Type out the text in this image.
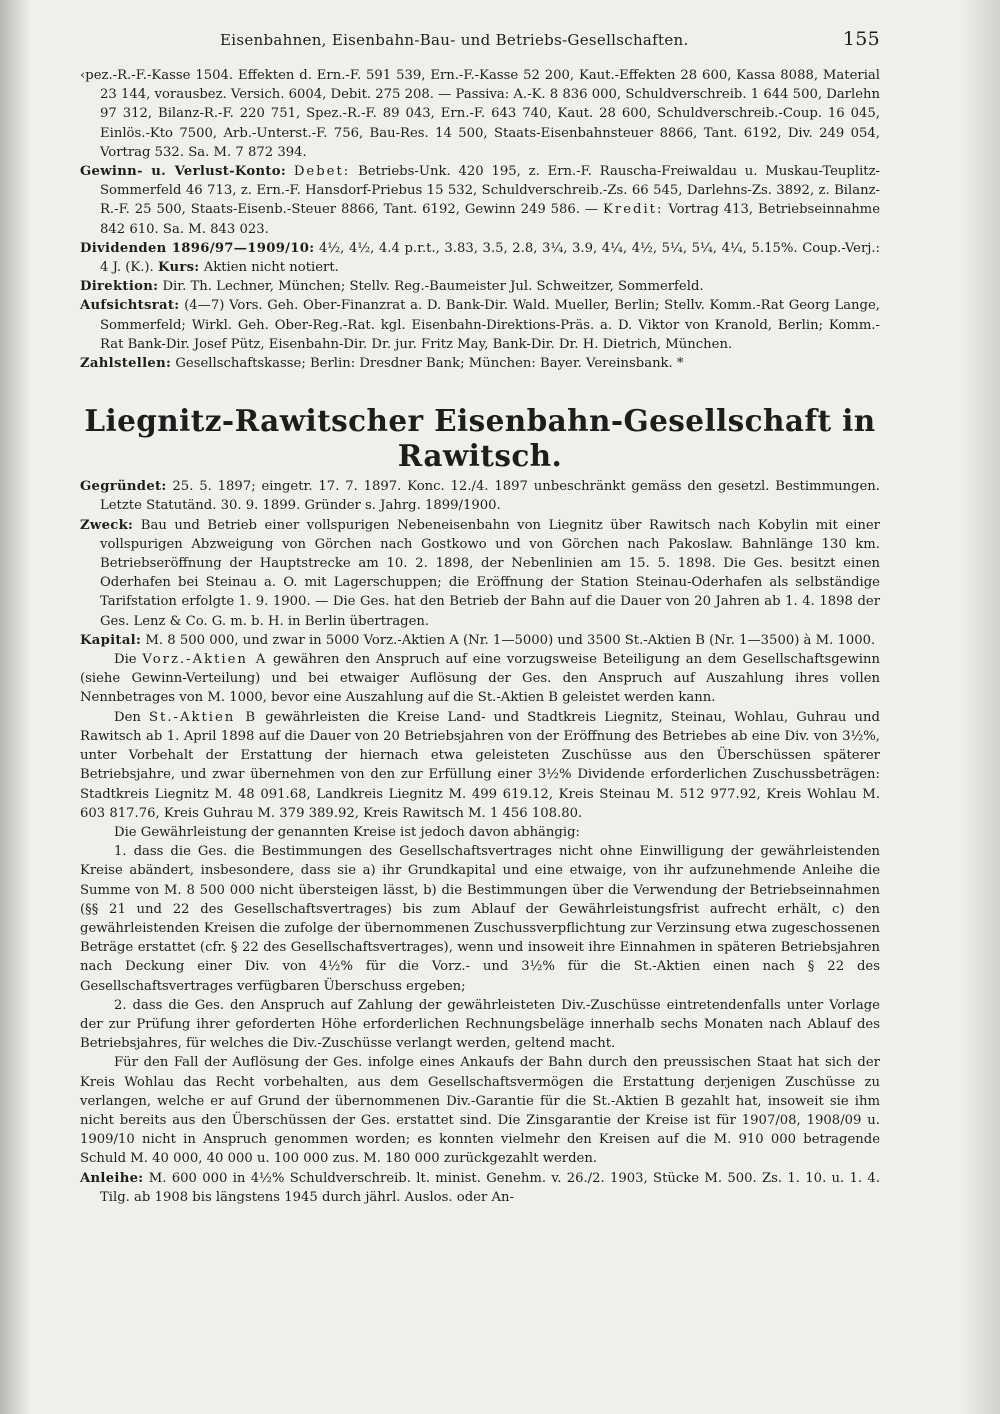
Eisenbahnen, Eisenbahn-Bau- und Betriebs-Gesellschaften.	155

‹pez.-R.-F.-Kasse 1504. Effekten d. Ern.-F. 591 539, Ern.-F.-Kasse 52 200, Kaut.-Effekten 28 600, Kassa 8088, Material 23 144, vorausbez. Versich. 6004, Debit. 275 208. — Passiva: A.-K. 8 836 000, Schuldverschreib. 1 644 500, Darlehn 97 312, Bilanz-R.-F. 220 751, Spez.-R.-F. 89 043, Ern.-F. 643 740, Kaut. 28 600, Schuldverschreib.-Coup. 16 045, Einlös.-Kto 7500, Arb.-Unterst.-F. 756, Bau-Res. 14 500, Staats-Eisenbahnsteuer 8866, Tant. 6192, Div. 249 054, Vortrag 532. Sa. M. 7 872 394.

Gewinn- u. Verlust-Konto: Debet: Betriebs-Unk. 420 195, z. Ern.-F. Rauscha-Freiwaldau u. Muskau-Teuplitz-Sommerfeld 46 713, z. Ern.-F. Hansdorf-Priebus 15 532, Schuldverschreib.-Zs. 66 545, Darlehns-Zs. 3892, z. Bilanz-R.-F. 25 500, Staats-Eisenb.-Steuer 8866, Tant. 6192, Gewinn 249 586. — Kredit: Vortrag 413, Betriebseinnahme 842 610. Sa. M. 843 023.

Dividenden 1896/97—1909/10: 4½, 4½, 4.4 p.r.t., 3.83, 3.5, 2.8, 3¼, 3.9, 4¼, 4½, 5¼, 5¼, 4¼, 5.15%. Coup.-Verj.: 4 J. (K.). Kurs: Aktien nicht notiert.

Direktion: Dir. Th. Lechner, München; Stellv. Reg.-Baumeister Jul. Schweitzer, Sommerfeld.

Aufsichtsrat: (4—7) Vors. Geh. Ober-Finanzrat a. D. Bank-Dir. Wald. Mueller, Berlin; Stellv. Komm.-Rat Georg Lange, Sommerfeld; Wirkl. Geh. Ober-Reg.-Rat. kgl. Eisenbahn-Direktions-Präs. a. D. Viktor von Kranold, Berlin; Komm.-Rat Bank-Dir. Josef Pütz, Eisenbahn-Dir. Dr. jur. Fritz May, Bank-Dir. Dr. H. Dietrich, München.

Zahlstellen: Gesellschaftskasse; Berlin: Dresdner Bank; München: Bayer. Vereinsbank. *

Liegnitz-Rawitscher Eisenbahn-Gesellschaft in Rawitsch.

Gegründet: 25. 5. 1897; eingetr. 17. 7. 1897. Konc. 12./4. 1897 unbeschränkt gemäss den gesetzl. Bestimmungen. Letzte Statutänd. 30. 9. 1899. Gründer s. Jahrg. 1899/1900.

Zweck: Bau und Betrieb einer vollspurigen Nebeneisenbahn von Liegnitz über Rawitsch nach Kobylin mit einer vollspurigen Abzweigung von Görchen nach Gostkowo und von Görchen nach Pakoslaw. Bahnlänge 130 km. Betriebseröffnung der Hauptstrecke am 10. 2. 1898, der Nebenlinien am 15. 5. 1898. Die Ges. besitzt einen Oderhafen bei Steinau a. O. mit Lagerschuppen; die Eröffnung der Station Steinau-Oderhafen als selbständige Tarifstation erfolgte 1. 9. 1900. — Die Ges. hat den Betrieb der Bahn auf die Dauer von 20 Jahren ab 1. 4. 1898 der Ges. Lenz & Co. G. m. b. H. in Berlin übertragen.

Kapital: M. 8 500 000, und zwar in 5000 Vorz.-Aktien A (Nr. 1—5000) und 3500 St.-Aktien B (Nr. 1—3500) à M. 1000.

Die Vorz.-Aktien A gewähren den Anspruch auf eine vorzugsweise Beteiligung an dem Gesellschaftsgewinn (siehe Gewinn-Verteilung) und bei etwaiger Auflösung der Ges. den Anspruch auf Auszahlung ihres vollen Nennbetrages von M. 1000, bevor eine Auszahlung auf die St.-Aktien B geleistet werden kann.

Den St.-Aktien B gewährleisten die Kreise Land- und Stadtkreis Liegnitz, Steinau, Wohlau, Guhrau und Rawitsch ab 1. April 1898 auf die Dauer von 20 Betriebsjahren von der Eröffnung des Betriebes ab eine Div. von 3½%, unter Vorbehalt der Erstattung der hiernach etwa geleisteten Zuschüsse aus den Überschüssen späterer Betriebsjahre, und zwar übernehmen von den zur Erfüllung einer 3½% Dividende erforderlichen Zuschussbeträgen: Stadtkreis Liegnitz M. 48 091.68, Landkreis Liegnitz M. 499 619.12, Kreis Steinau M. 512 977.92, Kreis Wohlau M. 603 817.76, Kreis Guhrau M. 379 389.92, Kreis Rawitsch M. 1 456 108.80.

Die Gewährleistung der genannten Kreise ist jedoch davon abhängig:

1. dass die Ges. die Bestimmungen des Gesellschaftsvertrages nicht ohne Einwilligung der gewährleistenden Kreise abändert, insbesondere, dass sie a) ihr Grundkapital und eine etwaige, von ihr aufzunehmende Anleihe die Summe von M. 8 500 000 nicht übersteigen lässt, b) die Bestimmungen über die Verwendung der Betriebseinnahmen (§§ 21 und 22 des Gesellschaftsvertrages) bis zum Ablauf der Gewährleistungsfrist aufrecht erhält, c) den gewährleistenden Kreisen die zufolge der übernommenen Zuschussverpflichtung zur Verzinsung etwa zugeschossenen Beträge erstattet (cfr. § 22 des Gesellschaftsvertrages), wenn und insoweit ihre Einnahmen in späteren Betriebsjahren nach Deckung einer Div. von 4½% für die Vorz.- und 3½% für die St.-Aktien einen nach § 22 des Gesellschaftsvertrages verfügbaren Überschuss ergeben;

2. dass die Ges. den Anspruch auf Zahlung der gewährleisteten Div.-Zuschüsse eintretendenfalls unter Vorlage der zur Prüfung ihrer geforderten Höhe erforderlichen Rechnungsbeläge innerhalb sechs Monaten nach Ablauf des Betriebsjahres, für welches die Div.-Zuschüsse verlangt werden, geltend macht.

Für den Fall der Auflösung der Ges. infolge eines Ankaufs der Bahn durch den preussischen Staat hat sich der Kreis Wohlau das Recht vorbehalten, aus dem Gesellschaftsvermögen die Erstattung derjenigen Zuschüsse zu verlangen, welche er auf Grund der übernommenen Div.-Garantie für die St.-Aktien B gezahlt hat, insoweit sie ihm nicht bereits aus den Überschüssen der Ges. erstattet sind. Die Zinsgarantie der Kreise ist für 1907/08, 1908/09 u. 1909/10 nicht in Anspruch genommen worden; es konnten vielmehr den Kreisen auf die M. 910 000 betragende Schuld M. 40 000, 40 000 u. 100 000 zus. M. 180 000 zurückgezahlt werden.

Anleihe: M. 600 000 in 4½% Schuldverschreib. lt. minist. Genehm. v. 26./2. 1903, Stücke M. 500. Zs. 1. 10. u. 1. 4. Tilg. ab 1908 bis längstens 1945 durch jährl. Auslos. oder An-
